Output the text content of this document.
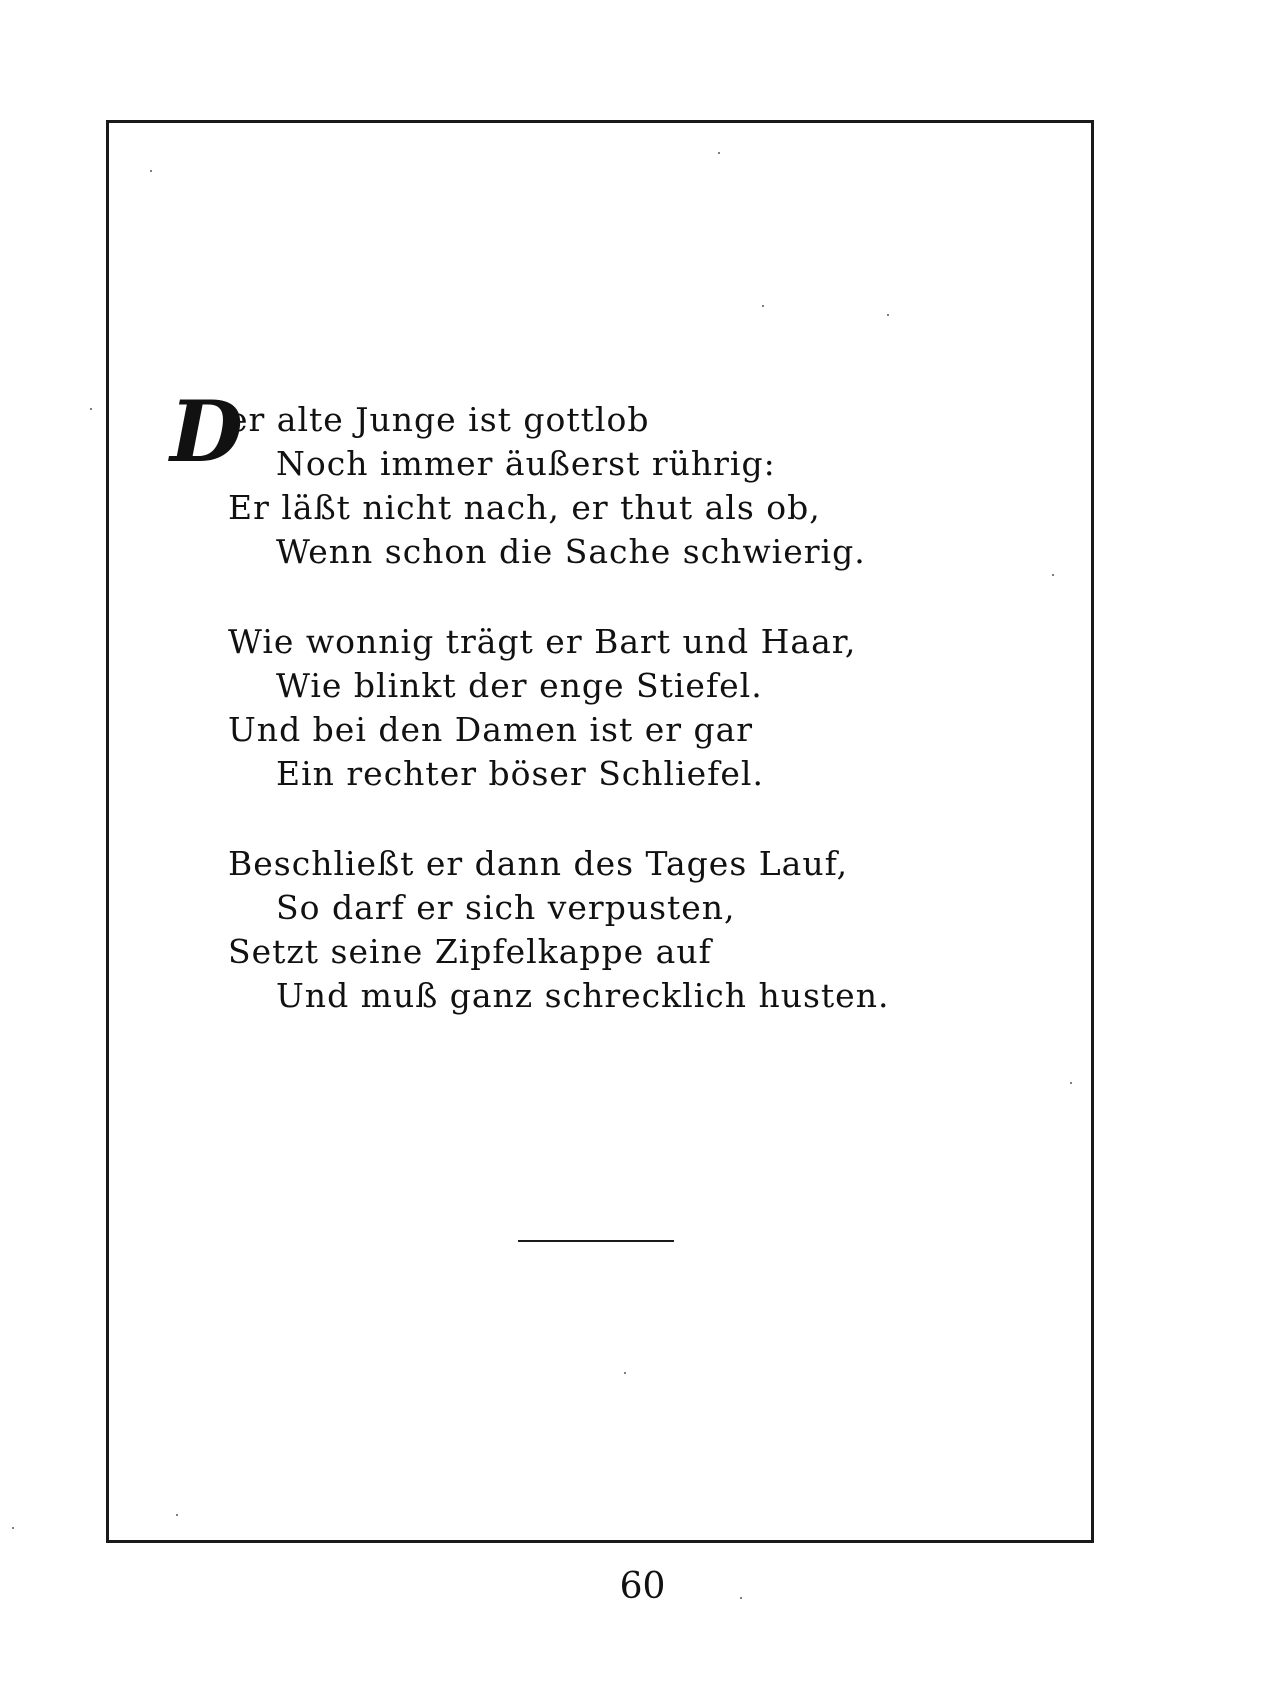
D
er alte Junge ist gottlob
Noch immer äußerst rührig:
Er läßt nicht nach, er thut als ob,
Wenn schon die Sache schwierig.
Wie wonnig trägt er Bart und Haar,
Wie blinkt der enge Stiefel.
Und bei den Damen ist er gar
Ein rechter böser Schliefel.
Beschließt er dann des Tages Lauf,
So darf er sich verpusten,
Setzt seine Zipfelkappe auf
Und muß ganz schrecklich husten.
60
